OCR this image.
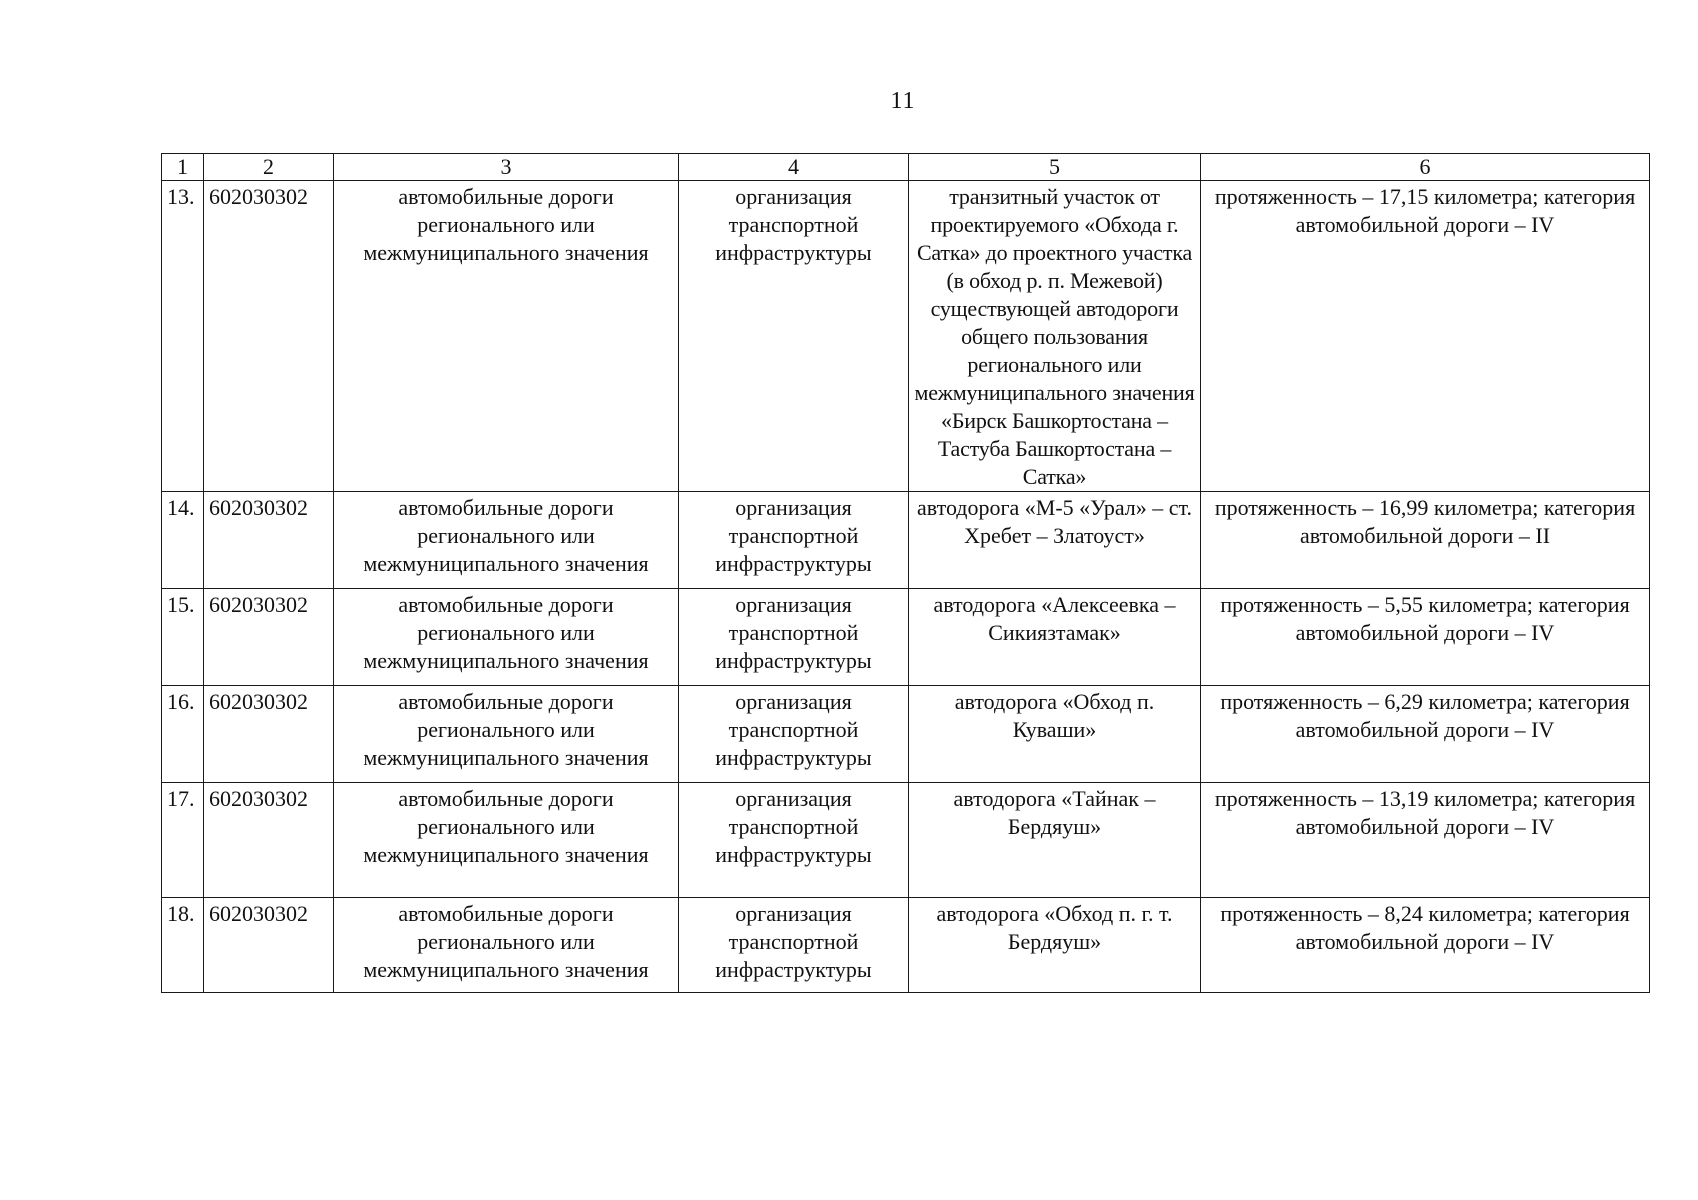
11
1	2	3	4	5	6
13.	602030302	автомобильные дороги регионального или межмуниципального значения	организация транспортной инфраструктуры	транзитный участок от проектируемого «Обхода г. Сатка» до проектного участка (в обход р. п. Межевой) существующей автодороги общего пользования регионального или межмуниципального значения «Бирск Башкортостана – Тастуба Башкортостана – Сатка»	протяженность – 17,15 километра; категория автомобильной дороги – IV
14.	602030302	автомобильные дороги регионального или межмуниципального значения	организация транспортной инфраструктуры	автодорога «М-5 «Урал» – ст. Хребет – Златоуст»	протяженность – 16,99 километра; категория автомобильной дороги – II
15.	602030302	автомобильные дороги регионального или межмуниципального значения	организация транспортной инфраструктуры	автодорога «Алексеевка – Сикиязтамак»	протяженность – 5,55 километра; категория автомобильной дороги – IV
16.	602030302	автомобильные дороги регионального или межмуниципального значения	организация транспортной инфраструктуры	автодорога «Обход п. Куваши»	протяженность – 6,29 километра; категория автомобильной дороги – IV
17.	602030302	автомобильные дороги регионального или межмуниципального значения	организация транспортной инфраструктуры	автодорога «Тайнак – Бердяуш»	протяженность – 13,19 километра; категория автомобильной дороги – IV
18.	602030302	автомобильные дороги регионального или межмуниципального значения	организация транспортной инфраструктуры	автодорога «Обход п. г. т. Бердяуш»	протяженность – 8,24 километра; категория автомобильной дороги – IV
